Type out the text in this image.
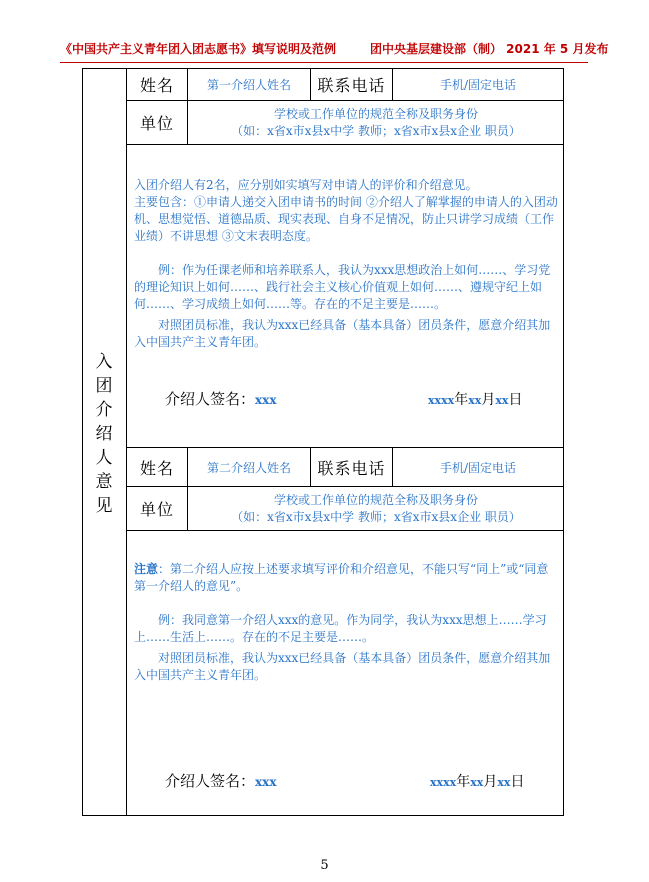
《中国共产主义青年团入团志愿书》填写说明及范例	团中央基层建设部（制） 2021 年 5 月发布
入
团
介
绍
人
意
见
姓名	第一介绍人姓名	联系电话	手机/固定电话
单位
学校或工作单位的规范全称及职务身份
（如：x省x市x县x中学 教师；x省x市x县x企业 职员）

入团介绍人有2名，应分别如实填写对申请人的评价和介绍意见。

主要包含：①申请人递交入团申请书的时间 ②介绍人了解掌握的申请人的入团动机、思想觉悟、道德品质、现实表现、自身不足情况，防止只讲学习成绩（工作业绩）不讲思想 ③文末表明态度。

例：作为任课老师和培养联系人，我认为xxx思想政治上如何……、学习党的理论知识上如何……、践行社会主义核心价值观上如何……、遵规守纪上如何……、学习成绩上如何……等。存在的不足主要是……。

对照团员标准，我认为xxx已经具备（基本具备）团员条件，愿意介绍其加入中国共产主义青年团。

介绍人签名：xxx	xxxx年xx月xx日
姓名	第二介绍人姓名	联系电话	手机/固定电话
单位
学校或工作单位的规范全称及职务身份
（如：x省x市x县x中学 教师；x省x市x县x企业 职员）

注意：第二介绍人应按上述要求填写评价和介绍意见，不能只写“同上”或“同意第一介绍人的意见”。

例：我同意第一介绍人xxx的意见。作为同学，我认为xxx思想上……学习上……生活上……。存在的不足主要是……。

对照团员标准，我认为xxx已经具备（基本具备）团员条件，愿意介绍其加入中国共产主义青年团。

介绍人签名：xxx	xxxx年xx月xx日
5
